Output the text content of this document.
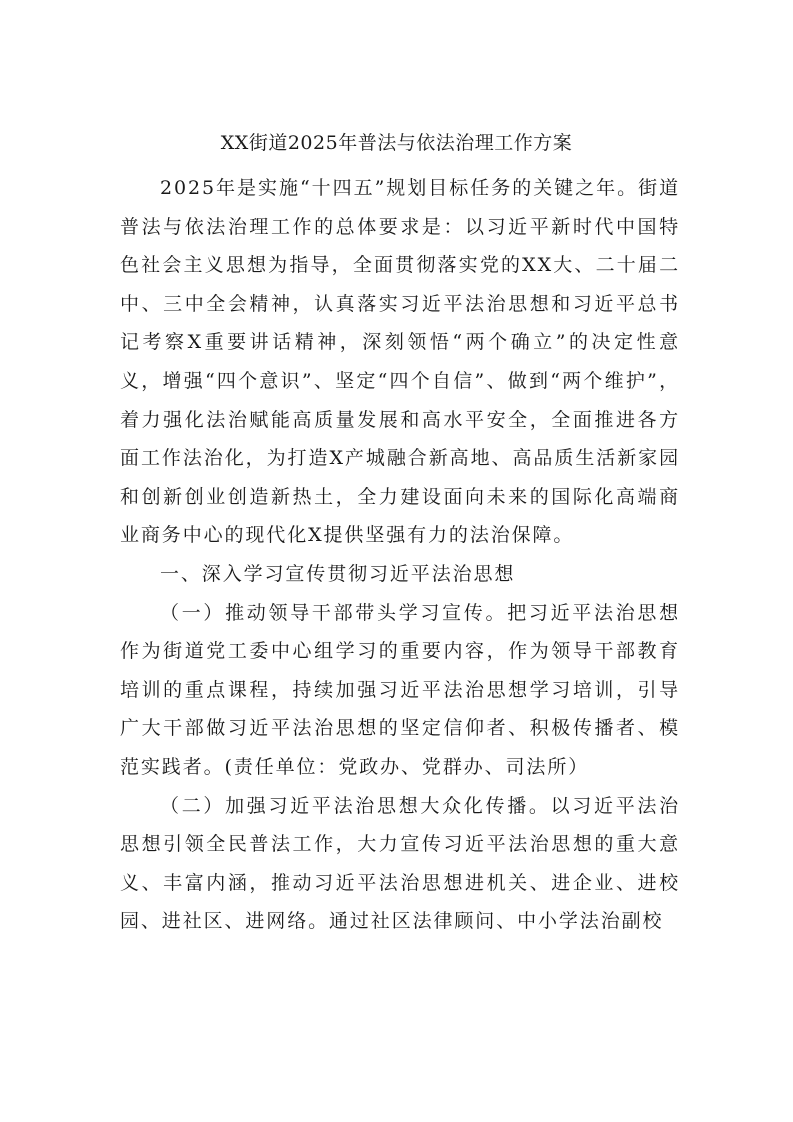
XX街道2025年普法与依法治理工作方案

2025年是实施“十四五”规划目标任务的关键之年。街道普法与依法治理工作的总体要求是：以习近平新时代中国特色社会主义思想为指导，全面贯彻落实党的XX大、二十届二中、三中全会精神，认真落实习近平法治思想和习近平总书记考察X重要讲话精神，深刻领悟“两个确立”的决定性意义，增强“四个意识”、坚定“四个自信”、做到“两个维护”，着力强化法治赋能高质量发展和高水平安全，全面推进各方面工作法治化，为打造X产城融合新高地、高品质生活新家园和创新创业创造新热土，全力建设面向未来的国际化高端商业商务中心的现代化X提供坚强有力的法治保障。

一、深入学习宣传贯彻习近平法治思想

（一）推动领导干部带头学习宣传。把习近平法治思想作为街道党工委中心组学习的重要内容，作为领导干部教育培训的重点课程，持续加强习近平法治思想学习培训，引导广大干部做习近平法治思想的坚定信仰者、积极传播者、模范实践者。(责任单位：党政办、党群办、司法所）

（二）加强习近平法治思想大众化传播。以习近平法治思想引领全民普法工作，大力宣传习近平法治思想的重大意义、丰富内涵，推动习近平法治思想进机关、进企业、进校园、进社区、进网络。通过社区法律顾问、中小学法治副校
